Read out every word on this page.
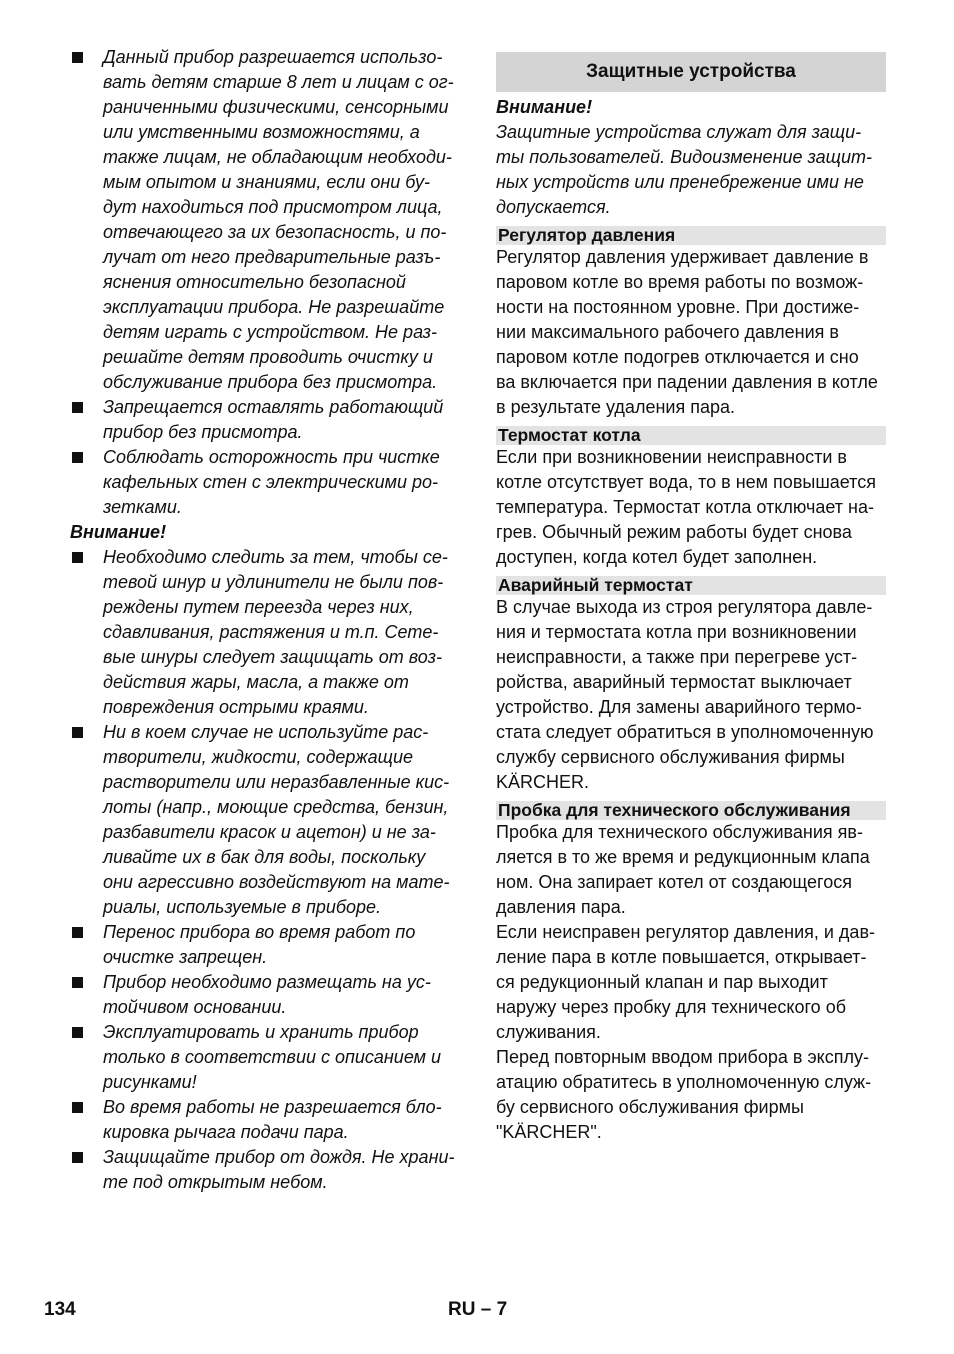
Данный прибор разрешается использо-

вать детям старше 8 лет и лицам с ог-

раниченными физическими, сенсорными

или умственными возможностями, а

также лицам, не обладающим необходи-

мым опытом и знаниями, если они бу-

дут находиться под присмотром лица,

отвечающего за их безопасность, и по-

лучат от него предварительные разъ-

яснения относительно безопасной

эксплуатации прибора. Не разрешайте

детям играть с устройством. Не раз-

решайте детям проводить очистку и

обслуживание прибора без присмотра.

Запрещается оставлять работающий

прибор без присмотра.

Соблюдать осторожность при чистке

кафельных стен с электрическими ро-

зетками.

Внимание!

Необходимо следить за тем, чтобы се-

тевой шнур и удлинители не были пов-

реждены путем переезда через них,

сдавливания, растяжения и т.п. Сете-

вые шнуры следует защищать от воз-

действия жары, масла, а также от

повреждения острыми краями.

Ни в коем случае не используйте рас-

творители, жидкости, содержащие

растворители или неразбавленные кис-

лоты (напр., моющие средства, бензин,

разбавители красок и ацетон) и не за-

ливайте их в бак для воды, поскольку

они агрессивно воздействуют на мате-

риалы, используемые в приборе.

Перенос прибора во время работ по

очистке запрещен.

Прибор необходимо размещать на ус-

тойчивом основании.

Эксплуатировать и хранить прибор

только в соответствии с описанием и

рисунками!

Во время работы не разрешается бло-

кировка рычага подачи пара.

Защищайте прибор от дождя. Не храни-

те под открытым небом.

Защитные устройства

Внимание!

Защитные устройства служат для защи-

ты пользователей. Видоизменение защит-

ных устройств или пренебрежение ими не

допускается.

Регулятор давления

Регулятор давления удерживает давление в

паровом котле во время работы по возмож-

ности на постоянном уровне. При достиже-

нии максимального рабочего давления в

паровом котле подогрев отключается и сно

ва включается при падении давления в котле

в результате удаления пара.

Термостат котла

Если при возникновении неисправности в

котле отсутствует вода, то в нем повышается

температура. Термостат котла отключает на-

грев. Обычный режим работы будет снова

доступен, когда котел будет заполнен.

Аварийный термостат

В случае выхода из строя регулятора давле-

ния и термостата котла при возникновении

неисправности, а также при перегреве уст-

ройства, аварийный термостат выключает

устройство. Для замены аварийного термо-

стата следует обратиться в уполномоченную

службу сервисного обслуживания фирмы

KÄRCHER.

Пробка для технического обслуживания

Пробка для технического обслуживания яв-

ляется в то же время и редукционным клапа

ном. Она запирает котел от создающегося

давления пара.

Если неисправен регулятор давления, и дав-

ление пара в котле повышается, открывает-

ся редукционный клапан и пар выходит

наружу через пробку для технического об

служивания.

Перед повторным вводом прибора в эксплу-

атацию обратитесь в уполномоченную служ-

бу сервисного обслуживания фирмы

"KÄRCHER".

134	RU – 7
